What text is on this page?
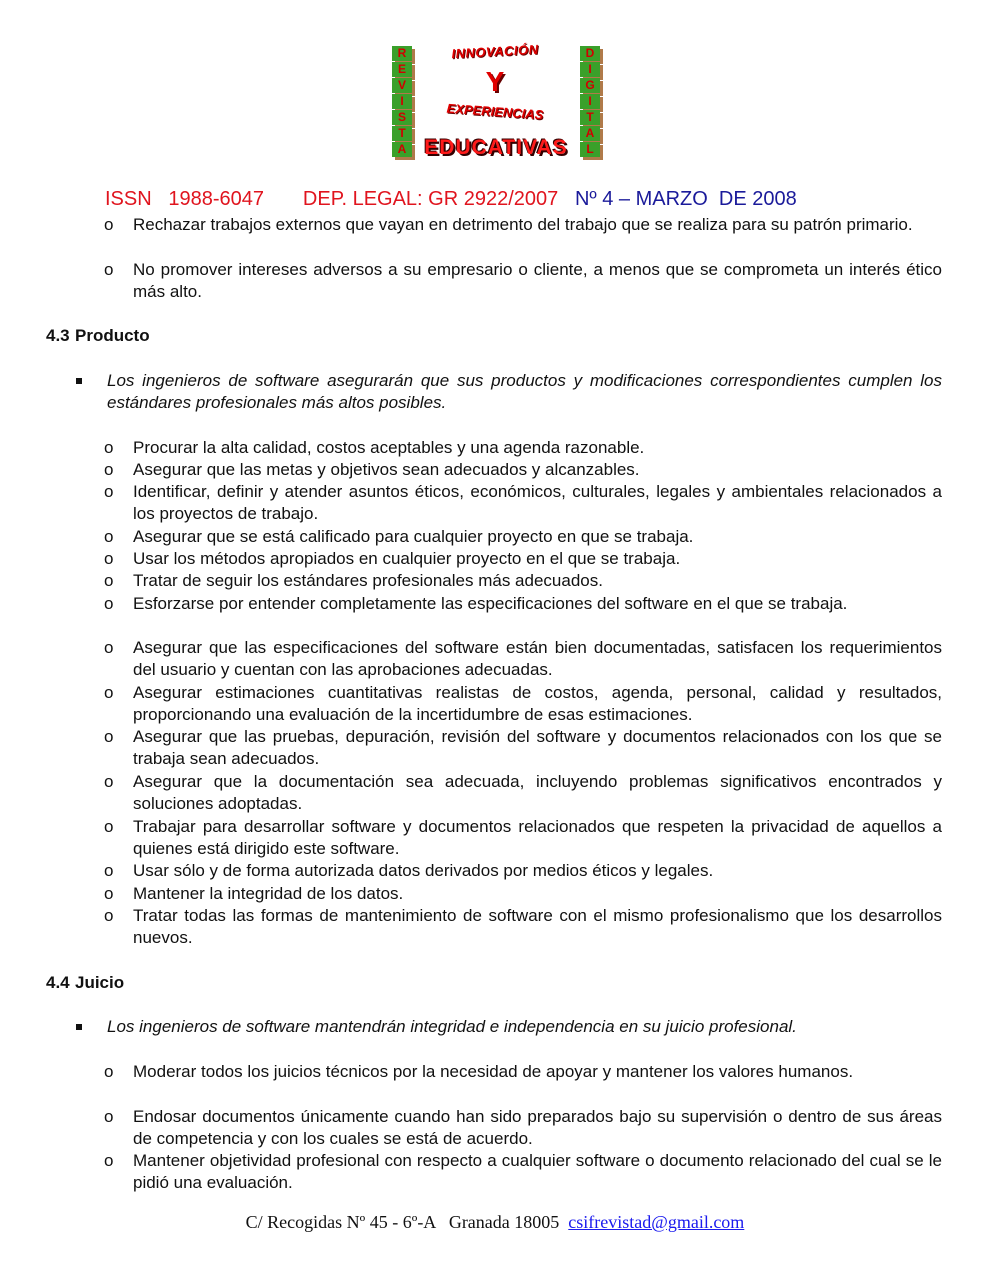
R
E
V
I
S
T
A
D
I
G
I
T
A
L
INNOVACIÓN
Y
EXPERIENCIAS
EDUCATIVAS
ISSN   1988-6047 DEP. LEGAL: GR 2922/2007 Nº 4 – MARZO  DE 2008
o Rechazar trabajos externos que vayan en detrimento del trabajo que se realiza para su patrón primario.
o No promover intereses adversos a su empresario o cliente, a menos que se comprometa un interés ético más alto.
4.3 Producto
Los ingenieros de software asegurarán que sus productos y modificaciones correspondientes cumplen los estándares profesionales más altos posibles.
o Procurar la alta calidad, costos aceptables y una agenda razonable.
o Asegurar que las metas y objetivos sean adecuados y alcanzables.
o Identificar, definir y atender asuntos éticos, económicos, culturales, legales y ambientales relacionados a los proyectos de trabajo.
o Asegurar que se está calificado para cualquier proyecto en que se trabaja.
o Usar los métodos apropiados en cualquier proyecto en el que se trabaja.
o Tratar de seguir los estándares profesionales más adecuados.
o Esforzarse por entender completamente las especificaciones del software en el que se trabaja.
o Asegurar que las especificaciones del software están bien documentadas, satisfacen los requerimientos del usuario y cuentan con las aprobaciones adecuadas.
o Asegurar estimaciones cuantitativas realistas de costos, agenda, personal, calidad y resultados, proporcionando una evaluación de la incertidumbre de esas estimaciones.
o Asegurar que las pruebas, depuración, revisión del software y documentos relacionados con los que se trabaja sean adecuados.
o Asegurar que la documentación sea adecuada, incluyendo problemas significativos encontrados y soluciones adoptadas.
o Trabajar para desarrollar software y documentos relacionados que respeten la privacidad de aquellos a quienes está dirigido este software.
o Usar sólo y de forma autorizada datos derivados por medios éticos y legales.
o Mantener la integridad de los datos.
o Tratar todas las formas de mantenimiento de software con el mismo profesionalismo que los desarrollos nuevos.
4.4 Juicio
Los ingenieros de software mantendrán integridad e independencia en su juicio profesional.
o Moderar todos los juicios técnicos por la necesidad de apoyar y mantener los valores humanos.
o Endosar documentos únicamente cuando han sido preparados bajo su supervisión o dentro de sus áreas de competencia y con los cuales se está de acuerdo.
o Mantener objetividad profesional con respecto a cualquier software o documento relacionado del cual se le pidió una evaluación.
C/ Recogidas Nº 45 - 6º-A   Granada 18005  csifrevistad@gmail.com
